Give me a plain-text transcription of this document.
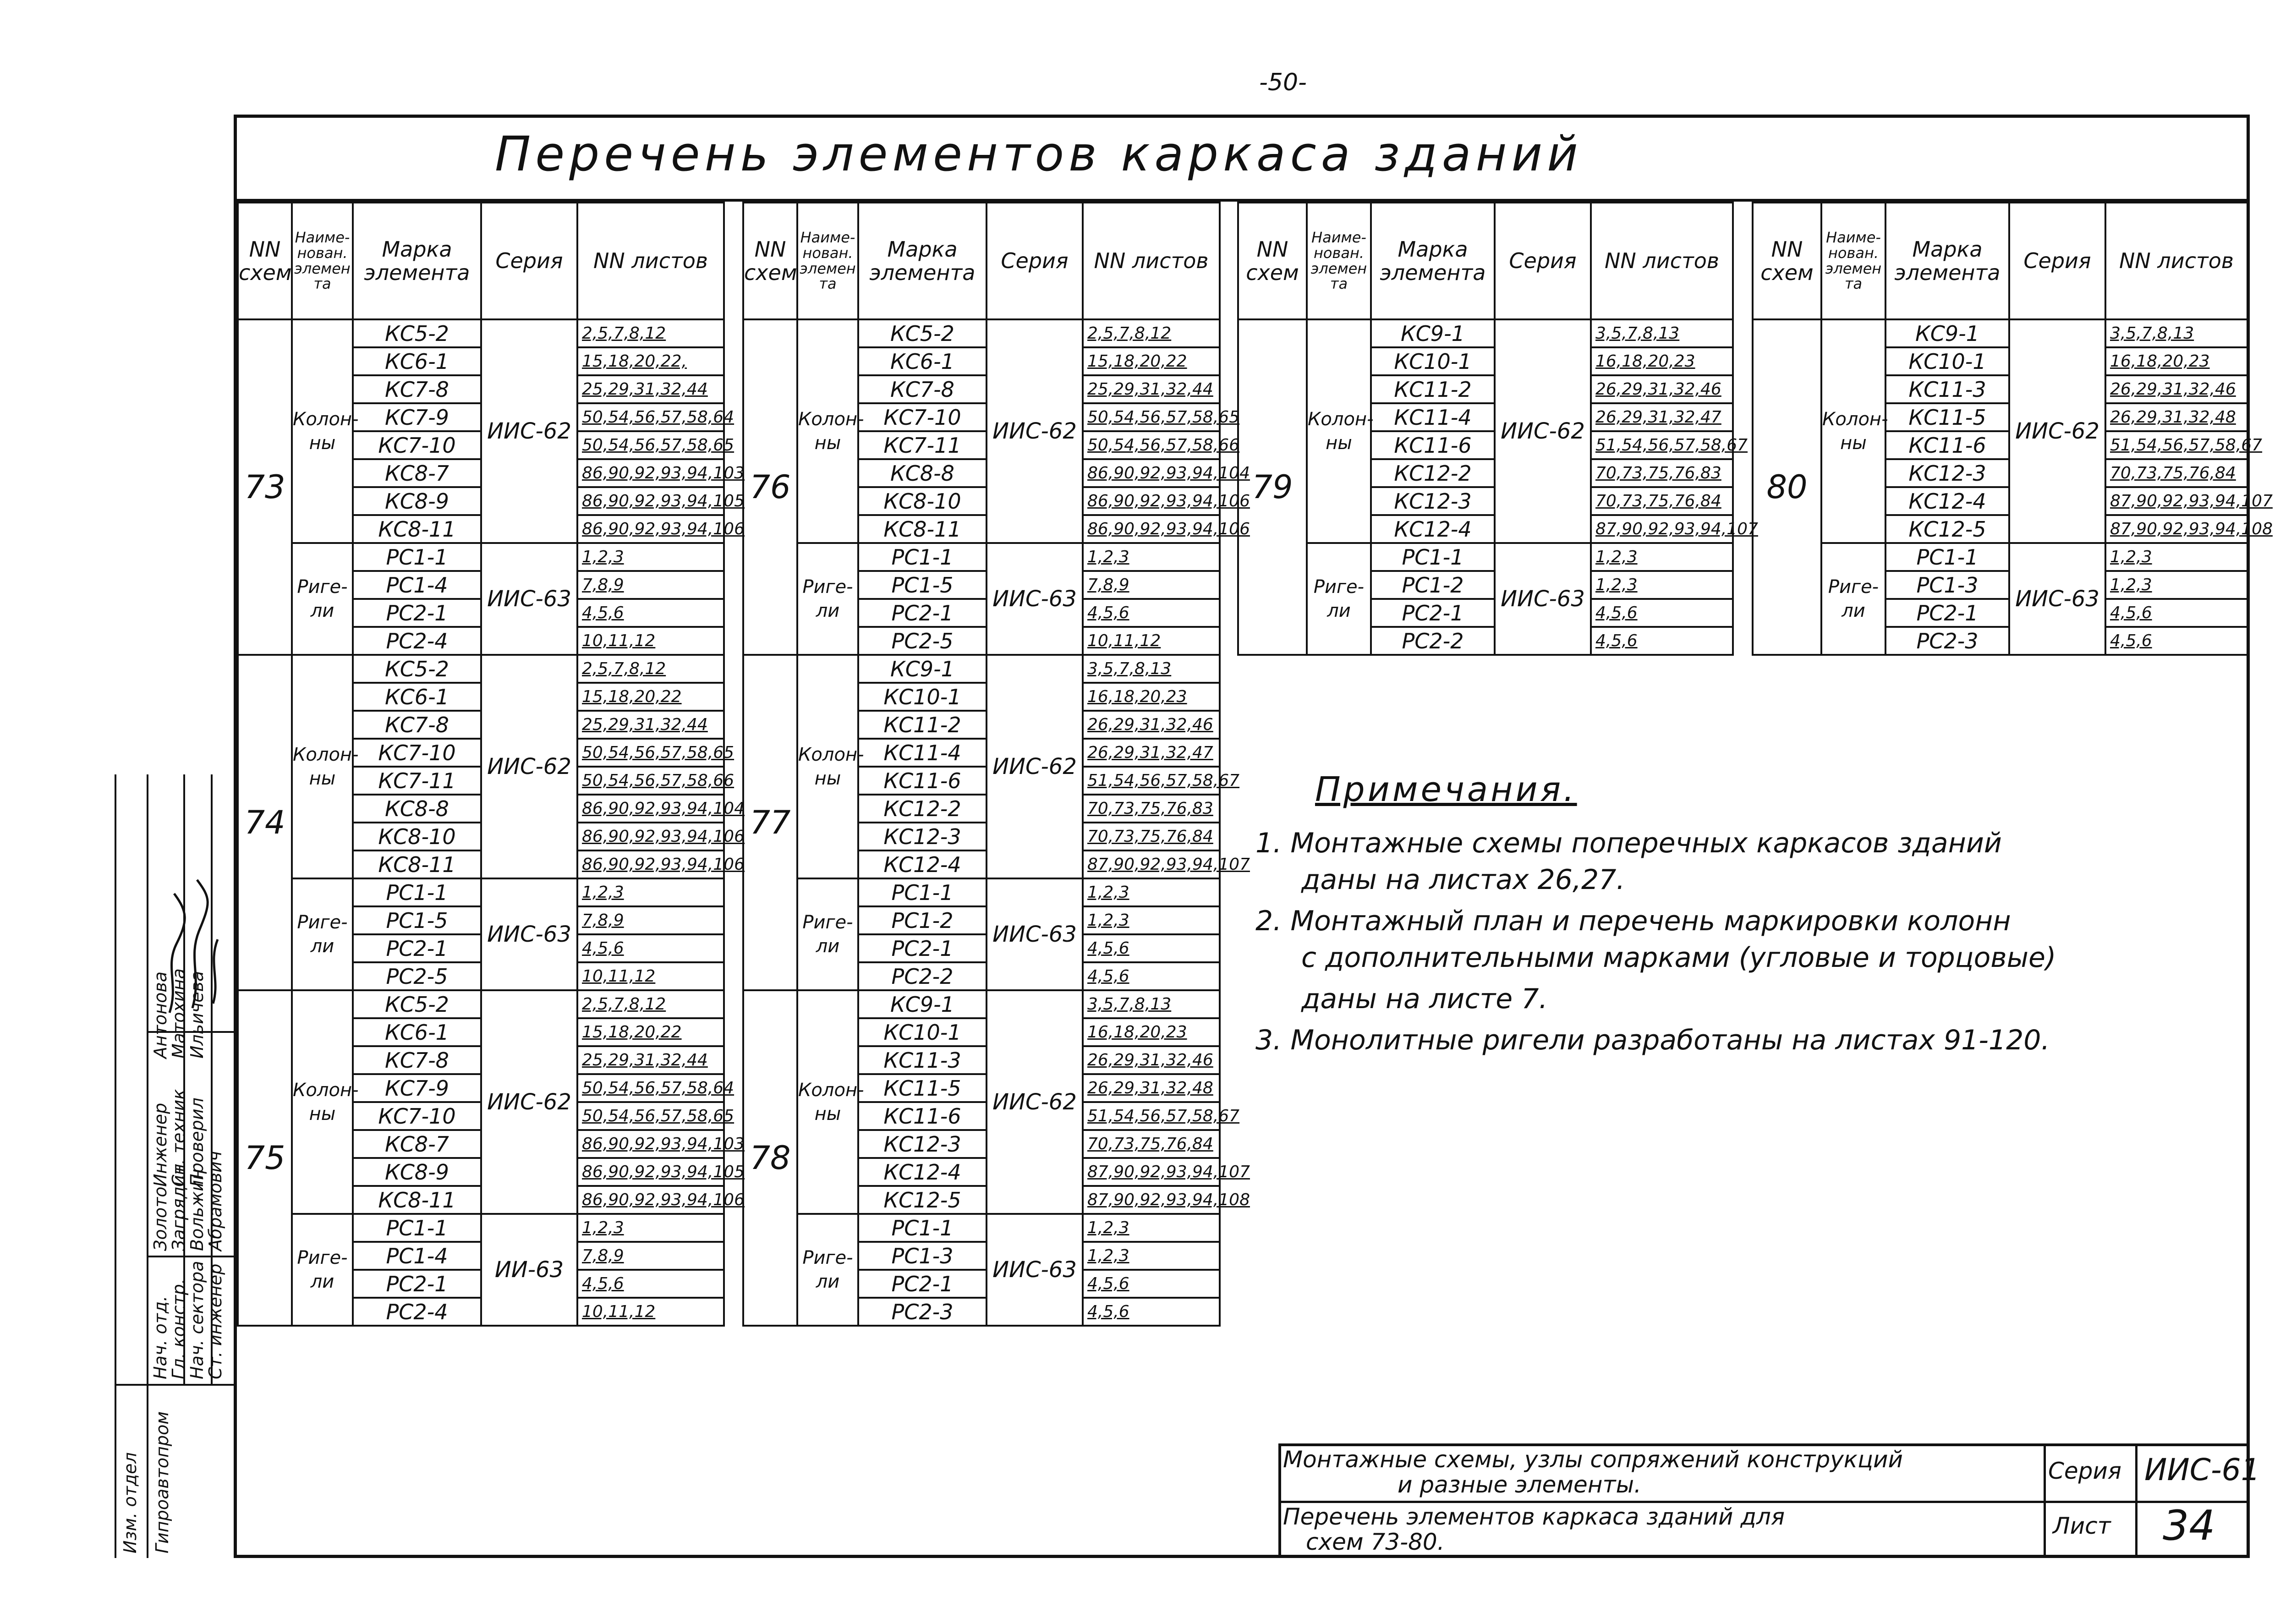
-50-
Перечень элементов каркаса зданий
NN схем	Наиме-нован. элемен та	Марка элемента	Серия	NN листов
73	Колон- ны	КС5-2	ИИС-62	2,5,7,8,12
		КС6-1		15,18,20,22,
		КС7-8		25,29,31,32,44
		КС7-9		50,54,56,57,58,64
		КС7-10		50,54,56,57,58,65
		КС8-7		86,90,92,93,94,103
		КС8-9		86,90,92,93,94,105
		КС8-11		86,90,92,93,94,106
	Риге- ли	РС1-1	ИИС-63	1,2,3
		РС1-4		7,8,9
		РС2-1		4,5,6
		РС2-4		10,11,12
74	Колон- ны	КС5-2	ИИС-62	2,5,7,8,12
		КС6-1		15,18,20,22
		КС7-8		25,29,31,32,44
		КС7-10		50,54,56,57,58,65
		КС7-11		50,54,56,57,58,66
		КС8-8		86,90,92,93,94,104
		КС8-10		86,90,92,93,94,106
		КС8-11		86,90,92,93,94,106
	Риге- ли	РС1-1	ИИС-63	1,2,3
		РС1-5		7,8,9
		РС2-1		4,5,6
		РС2-5		10,11,12
75	Колон- ны	КС5-2	ИИС-62	2,5,7,8,12
		КС6-1		15,18,20,22
		КС7-8		25,29,31,32,44
		КС7-9		50,54,56,57,58,64
		КС7-10		50,54,56,57,58,65
		КС8-7		86,90,92,93,94,103
		КС8-9		86,90,92,93,94,105
		КС8-11		86,90,92,93,94,106
	Риге- ли	РС1-1	ИИ-63	1,2,3
		РС1-4		7,8,9
		РС2-1		4,5,6
		РС2-4		10,11,12
NN схем	Наиме-нован. элемен та	Марка элемента	Серия	NN листов
76	Колон- ны	КС5-2	ИИС-62	2,5,7,8,12
		КС6-1		15,18,20,22
		КС7-8		25,29,31,32,44
		КС7-10		50,54,56,57,58,65
		КС7-11		50,54,56,57,58,66
		КС8-8		86,90,92,93,94,104
		КС8-10		86,90,92,93,94,106
		КС8-11		86,90,92,93,94,106
	Риге- ли	РС1-1	ИИС-63	1,2,3
		РС1-5		7,8,9
		РС2-1		4,5,6
		РС2-5		10,11,12
77	Колон- ны	КС9-1	ИИС-62	3,5,7,8,13
		КС10-1		16,18,20,23
		КС11-2		26,29,31,32,46
		КС11-4		26,29,31,32,47
		КС11-6		51,54,56,57,58,67
		КС12-2		70,73,75,76,83
		КС12-3		70,73,75,76,84
		КС12-4		87,90,92,93,94,107
	Риге- ли	РС1-1	ИИС-63	1,2,3
		РС1-2		1,2,3
		РС2-1		4,5,6
		РС2-2		4,5,6
78	Колон- ны	КС9-1	ИИС-62	3,5,7,8,13
		КС10-1		16,18,20,23
		КС11-3		26,29,31,32,46
		КС11-5		26,29,31,32,48
		КС11-6		51,54,56,57,58,67
		КС12-3		70,73,75,76,84
		КС12-4		87,90,92,93,94,107
		КС12-5		87,90,92,93,94,108
	Риге- ли	РС1-1	ИИС-63	1,2,3
		РС1-3		1,2,3
		РС2-1		4,5,6
		РС2-3		4,5,6
NN схем	Наиме-нован. элемен та	Марка элемента	Серия	NN листов
79	Колон- ны	КС9-1	ИИС-62	3,5,7,8,13
		КС10-1		16,18,20,23
		КС11-2		26,29,31,32,46
		КС11-4		26,29,31,32,47
		КС11-6		51,54,56,57,58,67
		КС12-2		70,73,75,76,83
		КС12-3		70,73,75,76,84
		КС12-4		87,90,92,93,94,107
	Риге- ли	РС1-1	ИИС-63	1,2,3
		РС1-2		1,2,3
		РС2-1		4,5,6
		РС2-2		4,5,6
NN схем	Наиме-нован. элемен та	Марка элемента	Серия	NN листов
80	Колон- ны	КС9-1	ИИС-62	3,5,7,8,13
		КС10-1		16,18,20,23
		КС11-3		26,29,31,32,46
		КС11-5		26,29,31,32,48
		КС11-6		51,54,56,57,58,67
		КС12-3		70,73,75,76,84
		КС12-4		87,90,92,93,94,107
		КС12-5		87,90,92,93,94,108
	Риге- ли	РС1-1	ИИС-63	1,2,3
		РС1-3		1,2,3
		РС2-1		4,5,6
		РС2-3		4,5,6
Примечания.
1. Монтажные схемы поперечных каркасов зданий
даны на листах 26,27.
2. Монтажный план и перечень маркировки колонн
с дополнительными марками (угловые и торцовые)
даны на листе 7.
3. Монолитные ригели разработаны на листах 91-120.
Монтажные схемы, узлы сопряжений конструкций
и разные элементы.
Перечень элементов каркаса зданий для
схем 73-80.
Серия ИИС-61
Лист 34
Изм. отдел Гипроавтопром
Нач. отд.
Гл. констр.
Нач. сектора
Ст. инженер
Инженер
Ст. техник
Проверил
Золото
Загрядин
Вольжин
Абрамович
Антонова
Матохина
Ильичева
